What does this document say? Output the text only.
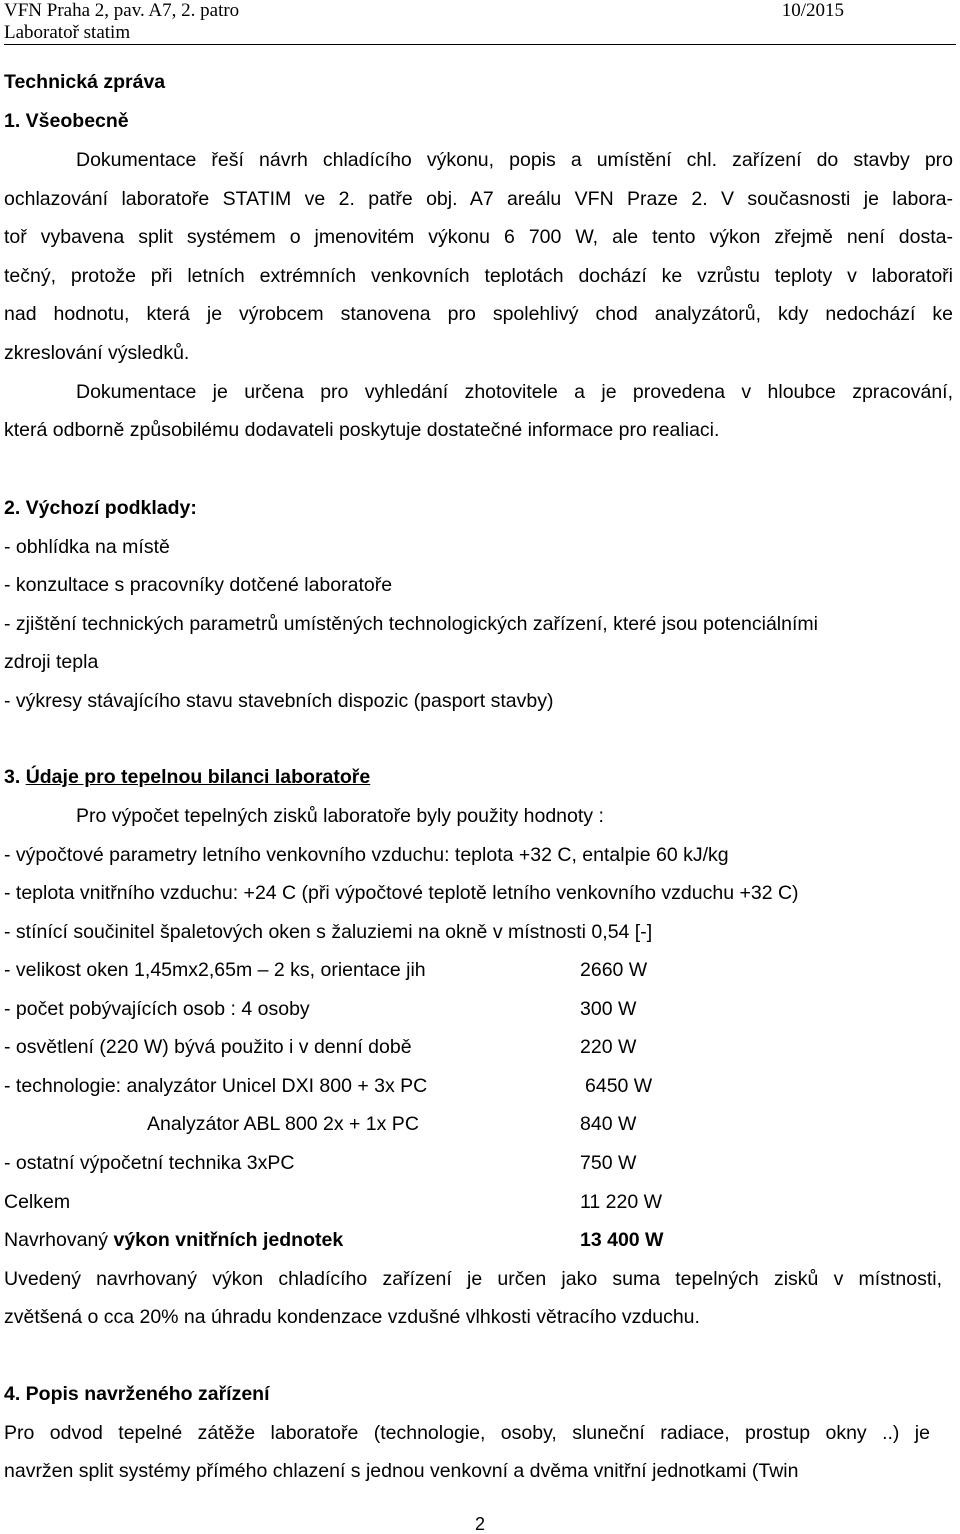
VFN Praha 2, pav. A7, 2. patro
Laboratoř statim
10/2015
Technická zpráva
1. Všeobecně
Dokumentace řeší návrh chladícího výkonu, popis a umístění chl. zařízení do stavby pro
ochlazování laboratoře STATIM ve 2. patře obj. A7 areálu VFN Praze 2. V současnosti je labora-
toř vybavena split systémem o jmenovitém výkonu 6 700 W, ale tento výkon zřejmě není dosta-
tečný, protože při letních extrémních venkovních teplotách dochází ke vzrůstu teploty v laboratoři
nad hodnotu, která je výrobcem stanovena pro spolehlivý chod analyzátorů, kdy nedochází ke
zkreslování výsledků.
Dokumentace je určena pro vyhledání zhotovitele a je provedena v hloubce zpracování,
která odborně způsobilému dodavateli poskytuje dostatečné informace pro realiaci.
2. Výchozí podklady:
- obhlídka na místě
- konzultace s pracovníky dotčené laboratoře
- zjištění technických parametrů umístěných technologických zařízení, které jsou potenciálními
zdroji tepla
- výkresy stávajícího stavu stavebních dispozic (pasport stavby)
3. Údaje pro tepelnou bilanci laboratoře
Pro výpočet tepelných zisků laboratoře byly použity hodnoty :
- výpočtové parametry letního venkovního vzduchu: teplota +32 C, entalpie 60 kJ/kg
- teplota vnitřního vzduchu: +24 C (při výpočtové teplotě letního venkovního vzduchu +32 C)
- stínící součinitel špaletových oken s žaluziemi na okně v místnosti 0,54 [-]
- velikost oken 1,45mx2,65m – 2 ks, orientace jih	2660 W
- počet pobývajících osob : 4 osoby	300 W
- osvětlení (220 W) bývá použito i v denní době	220 W
- technologie: analyzátor Unicel DXI 800 + 3x PC	6450 W
Analyzátor ABL 800 2x + 1x PC	840 W
- ostatní výpočetní technika 3xPC	750 W
Celkem	11 220 W
Navrhovaný výkon vnitřních jednotek	13 400 W
Uvedený navrhovaný výkon chladícího zařízení je určen jako suma tepelných zisků v místnosti,
zvětšená o cca 20% na úhradu kondenzace vzdušné vlhkosti větracího vzduchu.
4. Popis navrženého zařízení
Pro odvod tepelné zátěže laboratoře (technologie, osoby, sluneční radiace, prostup okny ..) je
navržen split systémy přímého chlazení s jednou venkovní a dvěma vnitřní jednotkami (Twin
2
